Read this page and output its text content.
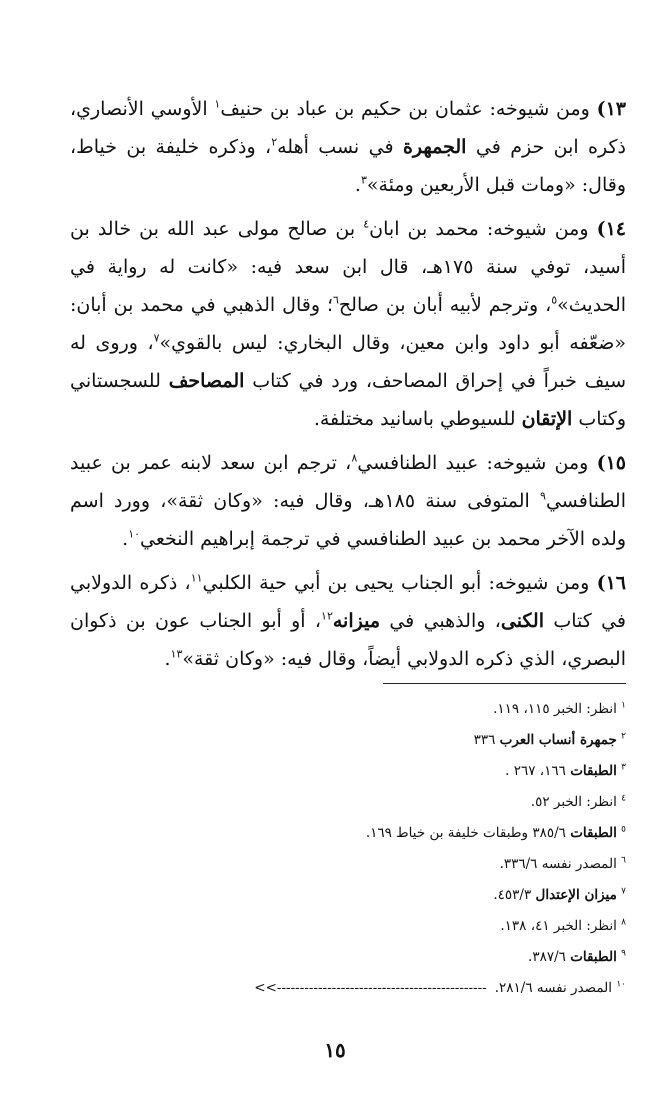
١٣) ومن شيوخه: عثمان بن حكيم بن عباد بن حنيف$^١$ الأوسي الأنصاري، ذكره ابن حزم في الجمهرة في نسب أهله$^٢$، وذكره خليفة بن خياط، وقال: «ومات قبل الأربعين ومئة»$^٣$.

١٤) ومن شيوخه: محمد بن ابان$^٤$ بن صالح مولى عبد الله بن خالد بن أسيد، توفي سنة ١٧٥هـ، قال ابن سعد فيه: «كانت له رواية في الحديث»$^٥$، وترجم لأبيه أبان بن صالح$^٦$؛ وقال الذهبي في محمد بن أبان: «ضعّفه أبو داود وابن معين، وقال البخاري: ليس بالقوي»$^٧$، وروى له سيف خبراً في إحراق المصاحف، ورد في كتاب المصاحف للسجستاني وكتاب الإتقان للسيوطي باسانيد مختلفة.

١٥) ومن شيوخه: عبيد الطنافسي$^٨$، ترجم ابن سعد لابنه عمر بن عبيد الطنافسي$^٩$ المتوفى سنة ١٨٥هـ، وقال فيه: «وكان ثقة»، وورد اسم ولده الآخر محمد بن عبيد الطنافسي في ترجمة إبراهيم النخعي$^{١٠}$.

١٦) ومن شيوخه: أبو الجناب يحيى بن أبي حية الكلبي$^{١١}$، ذكره الدولابي في كتاب الكنى، والذهبي في ميزانه$^{١٢}$، أو أبو الجناب عون بن ذكوان البصري، الذي ذكره الدولابي أيضاً، وقال فيه: «وكان ثقة»$^{١٣}$.

$^١$ انظر: الخبر ١١٥، ١١٩.
$^٢$ جمهرة أنساب العرب ٣٣٦
$^٣$ الطبقات ١٦٦، ٢٦٧ .
$^٤$ انظر: الخبر ٥٢.
$^٥$ الطبقات ٣٨٥/٦ وطبقات خليفة بن خياط ١٦٩.
$^٦$ المصدر نفسه ٣٣٦/٦.
$^٧$ ميزان الإعتدال ٤٥٣/٣.
$^٨$ انظر: الخبر ٤١، ١٣٨.
$^٩$ الطبقات ٣٨٧/٦.
$^{١٠}$ المصدر نفسه ٢٨١/٦.<<----------------------------------------------
١٥
